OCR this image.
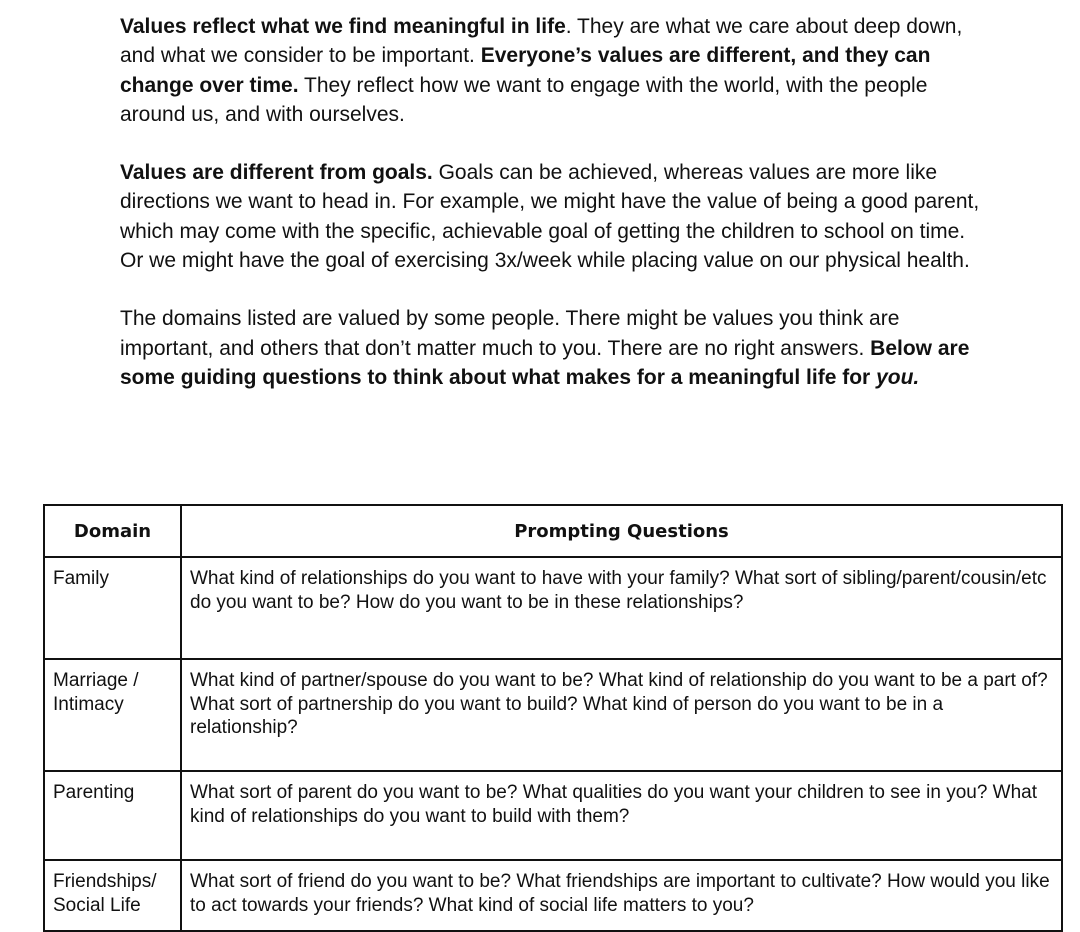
Values reflect what we find meaningful in life. They are what we care about deep down, and what we consider to be important. Everyone’s values are different, and they can change over time. They reflect how we want to engage with the world, with the people around us, and with ourselves.

Values are different from goals. Goals can be achieved, whereas values are more like directions we want to head in. For example, we might have the value of being a good parent, which may come with the specific, achievable goal of getting the children to school on time. Or we might have the goal of exercising 3x/week while placing value on our physical health.

The domains listed are valued by some people. There might be values you think are important, and others that don’t matter much to you. There are no right answers. Below are some guiding questions to think about what makes for a meaningful life for you.

Domain	Prompting Questions
Family	What kind of relationships do you want to have with your family? What sort of sibling/parent/cousin/etc do you want to be? How do you want to be in these relationships?
Marriage / Intimacy	What kind of partner/spouse do you want to be? What kind of relationship do you want to be a part of? What sort of partnership do you want to build? What kind of person do you want to be in a relationship?
Parenting	What sort of parent do you want to be? What qualities do you want your children to see in you? What kind of relationships do you want to build with them?
Friendships/ Social Life	What sort of friend do you want to be? What friendships are important to cultivate? How would you like to act towards your friends? What kind of social life matters to you?
